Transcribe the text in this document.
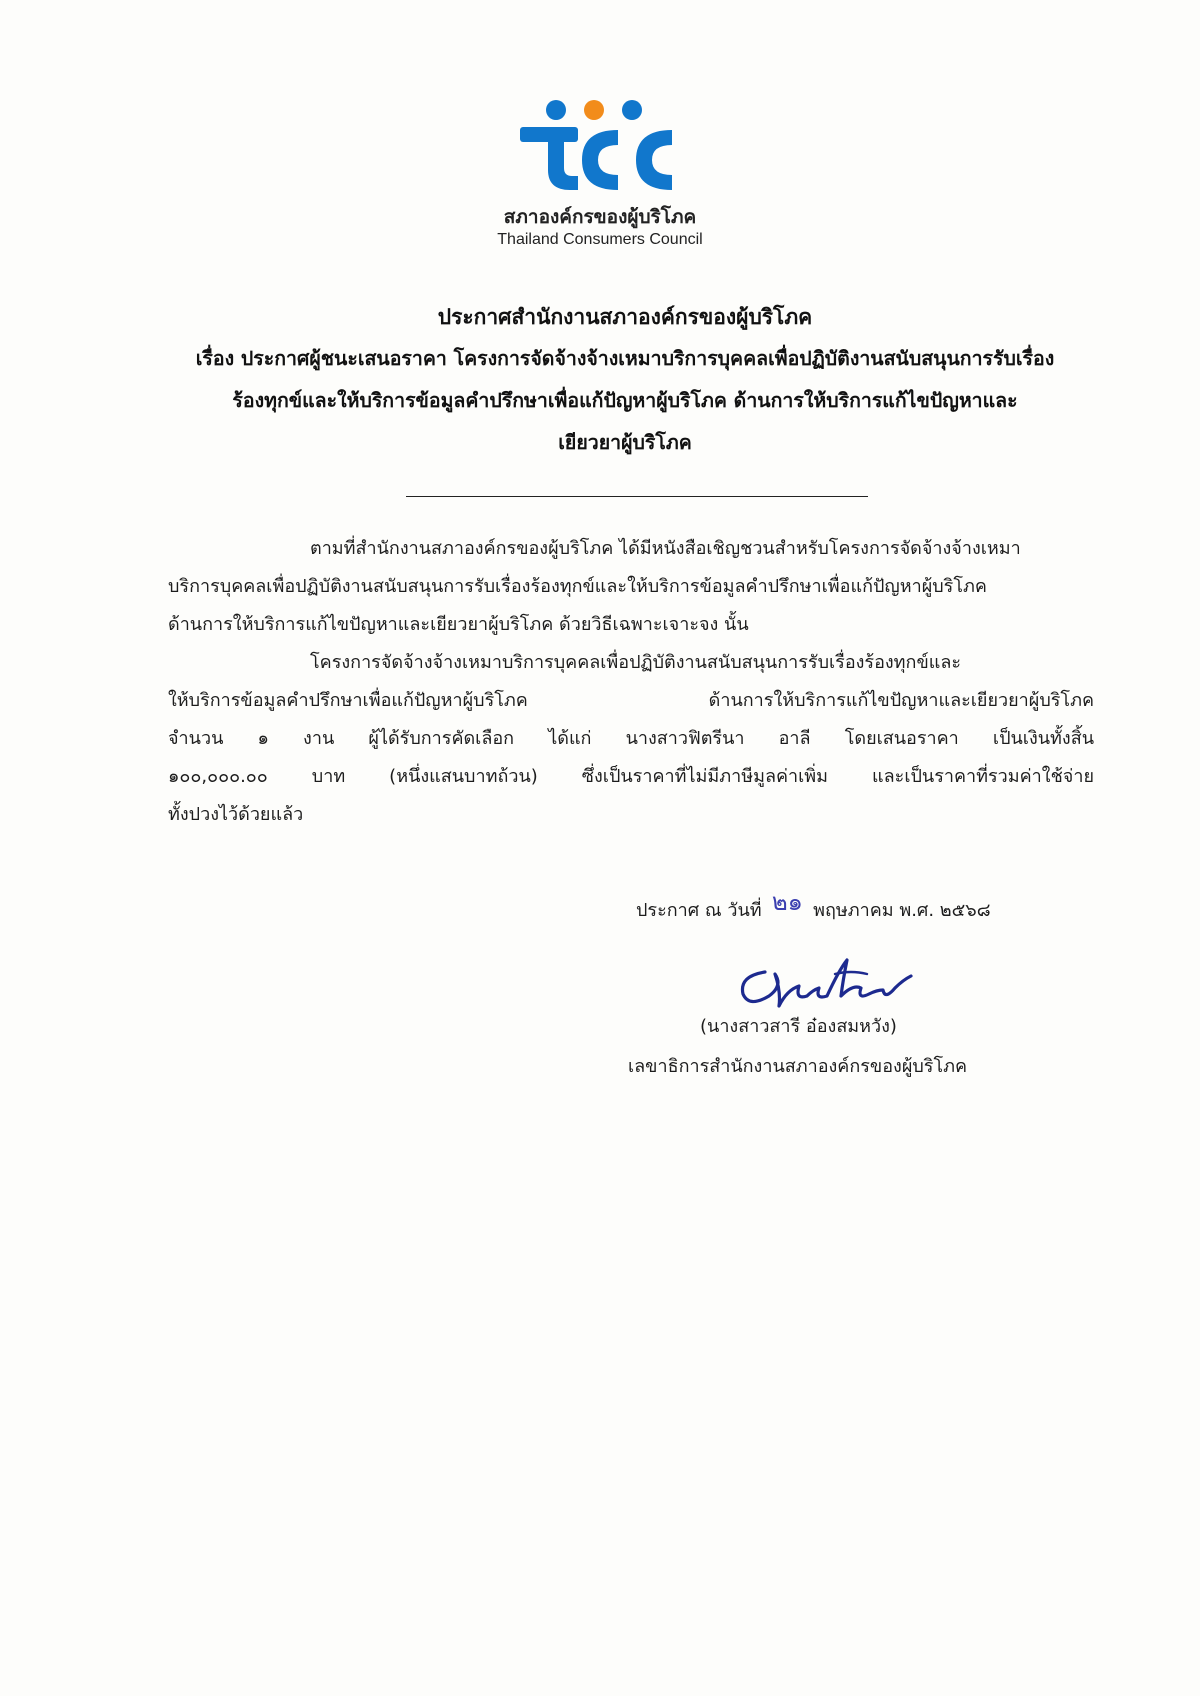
สภาองค์กรของผู้บริโภค
Thailand Consumers Council
ประกาศสำนักงานสภาองค์กรของผู้บริโภค
เรื่อง ประกาศผู้ชนะเสนอราคา โครงการจัดจ้างจ้างเหมาบริการบุคคลเพื่อปฏิบัติงานสนับสนุนการรับเรื่อง
ร้องทุกข์และให้บริการข้อมูลคำปรึกษาเพื่อแก้ปัญหาผู้บริโภค ด้านการให้บริการแก้ไขปัญหาและ
เยียวยาผู้บริโภค
ตามที่สำนักงานสภาองค์กรของผู้บริโภค ได้มีหนังสือเชิญชวนสำหรับโครงการจัดจ้างจ้างเหมา
บริการบุคคลเพื่อปฏิบัติงานสนับสนุนการรับเรื่องร้องทุกข์และให้บริการข้อมูลคำปรึกษาเพื่อแก้ปัญหาผู้บริโภค
ด้านการให้บริการแก้ไขปัญหาและเยียวยาผู้บริโภค ด้วยวิธีเฉพาะเจาะจง นั้น
โครงการจัดจ้างจ้างเหมาบริการบุคคลเพื่อปฏิบัติงานสนับสนุนการรับเรื่องร้องทุกข์และ
ให้บริการข้อมูลคำปรึกษาเพื่อแก้ปัญหาผู้บริโภค ด้านการให้บริการแก้ไขปัญหาและเยียวยาผู้บริโภค
จำนวน ๑ งาน ผู้ได้รับการคัดเลือก ได้แก่ นางสาวฟิตรีนา อาลี โดยเสนอราคา เป็นเงินทั้งสิ้น
๑๐๐,๐๐๐.๐๐ บาท (หนึ่งแสนบาทถ้วน) ซึ่งเป็นราคาที่ไม่มีภาษีมูลค่าเพิ่ม และเป็นราคาที่รวมค่าใช้จ่าย
ทั้งปวงไว้ด้วยแล้ว
ประกาศ ณ วันที่ ๒๑ พฤษภาคม พ.ศ. ๒๕๖๘
(นางสาวสารี อ๋องสมหวัง)
เลขาธิการสำนักงานสภาองค์กรของผู้บริโภค
